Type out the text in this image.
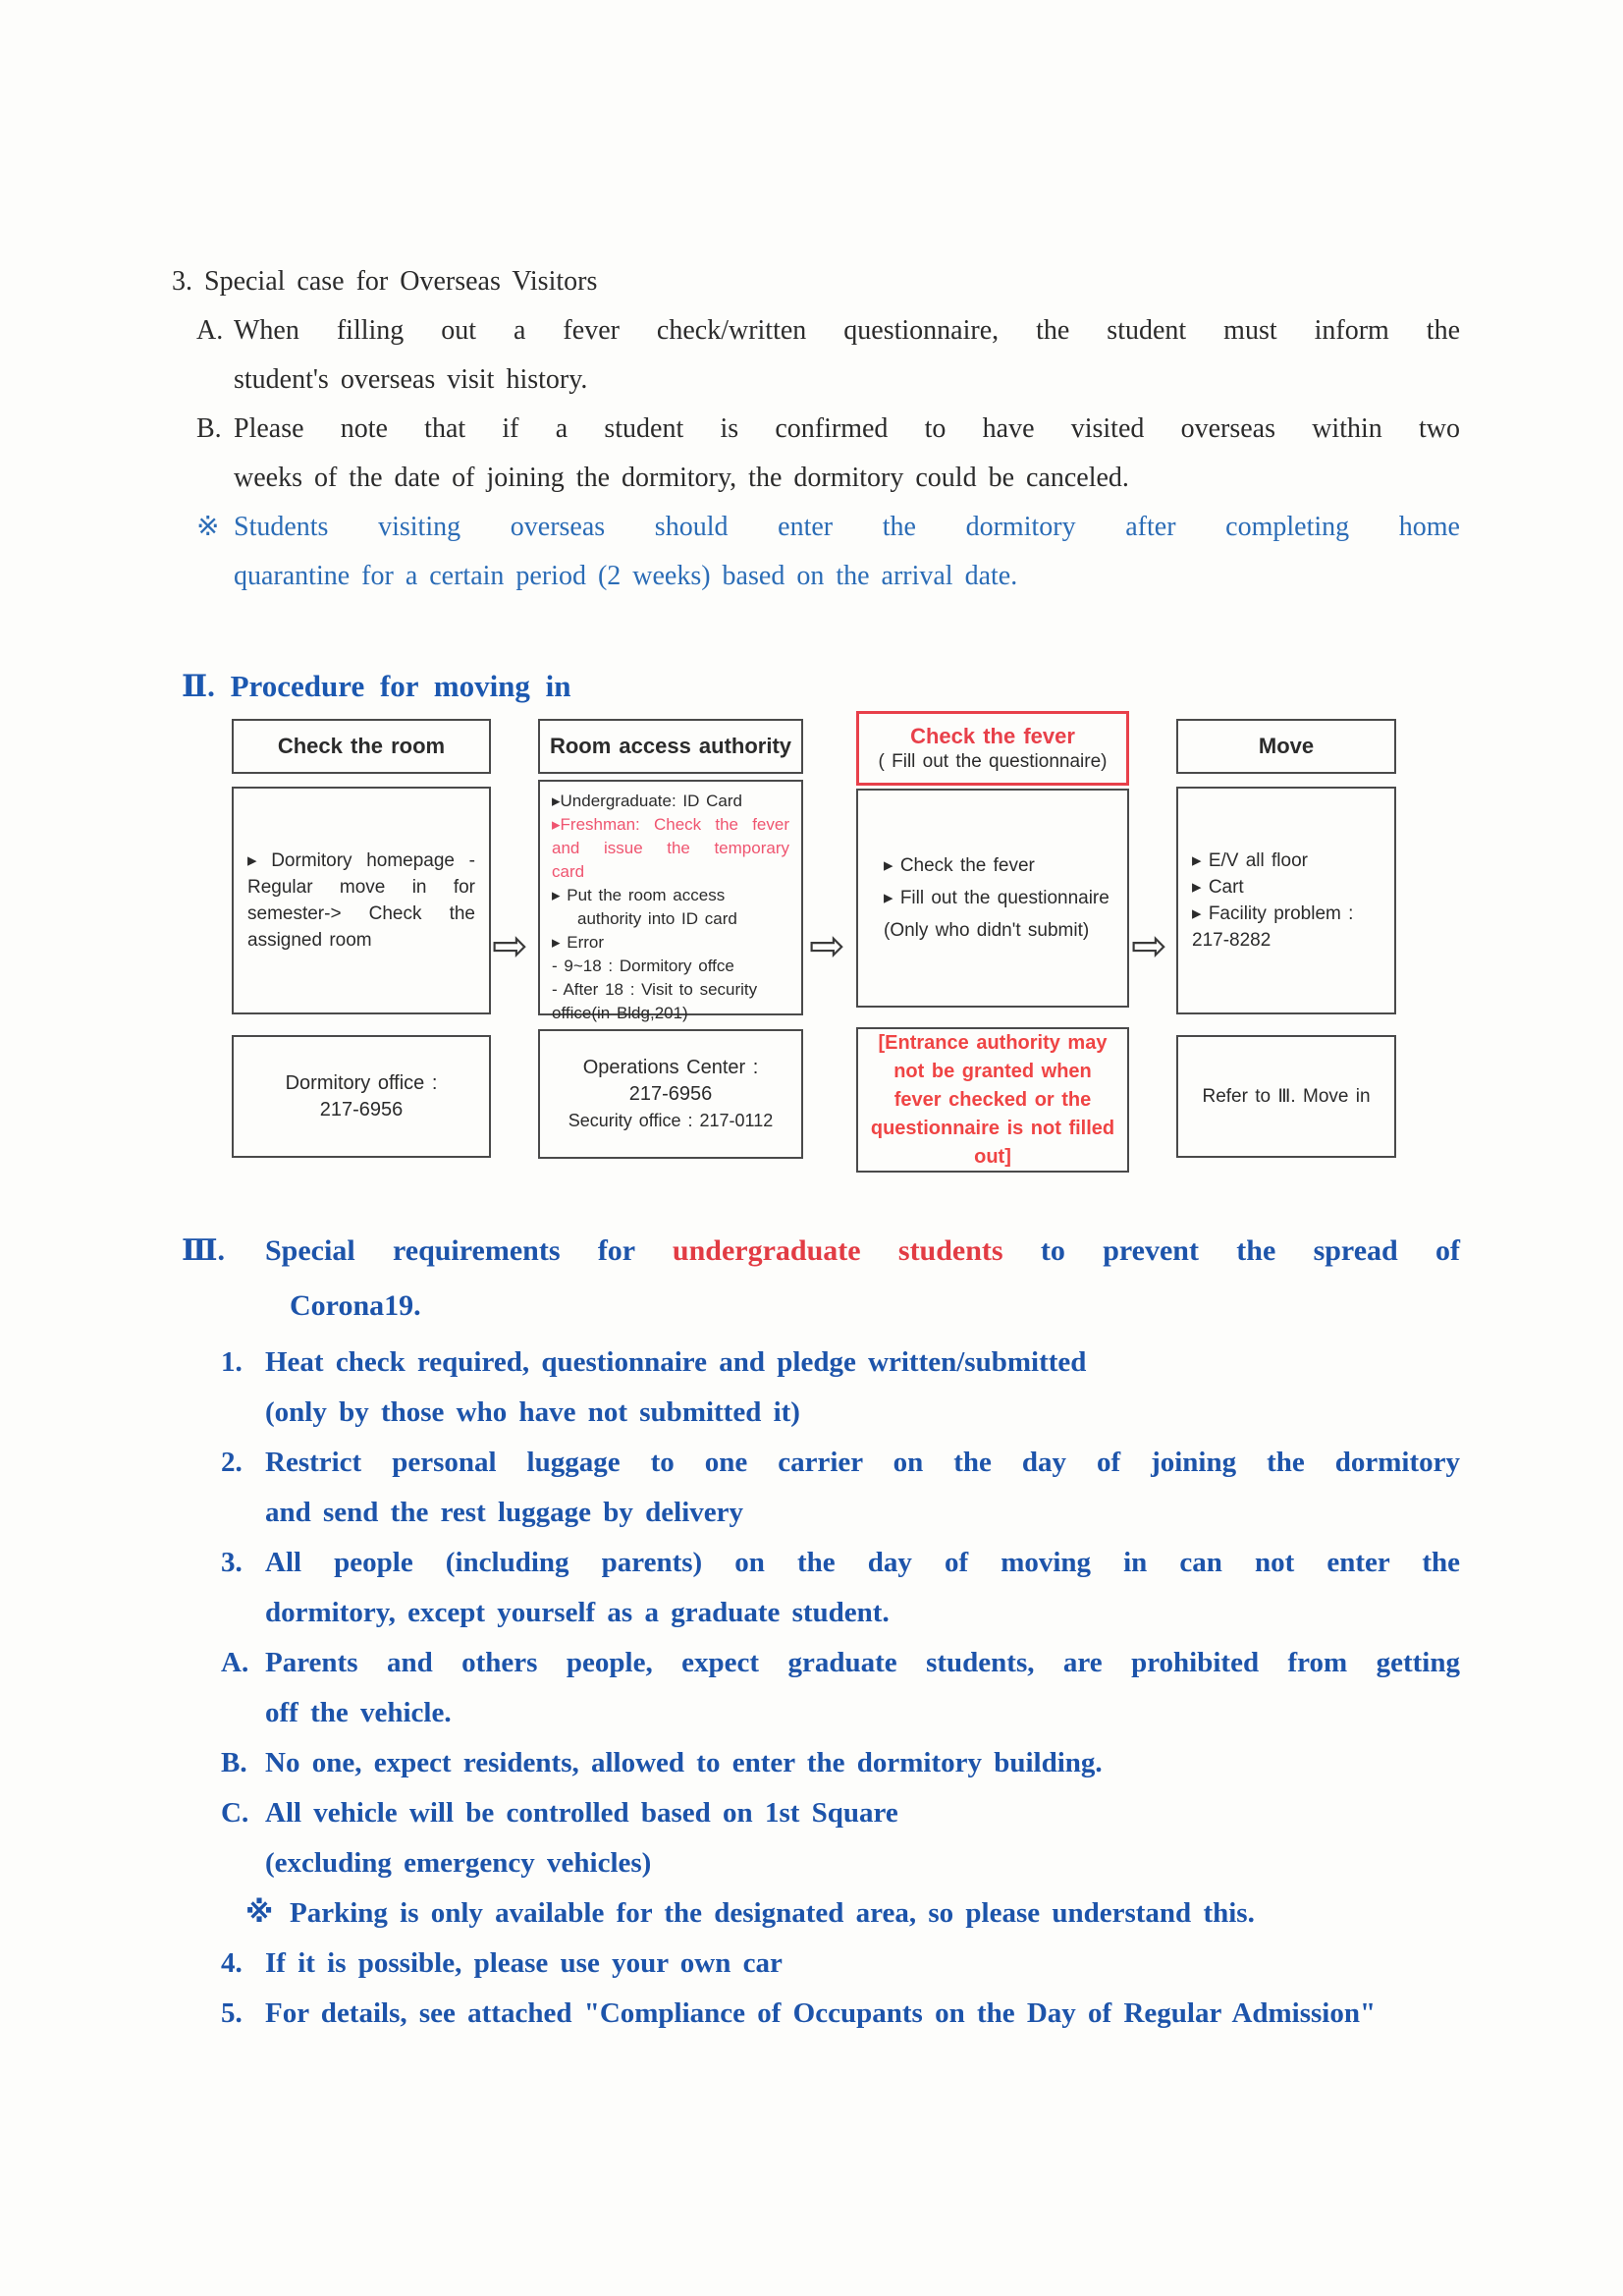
3. Special case for Overseas Visitors
A. When filling out a fever check/written questionnaire, the student must inform the
student's overseas visit history.
B. Please note that if a student is confirmed to have visited overseas within two
weeks of the date of joining the dormitory, the dormitory could be canceled.
※ Students visiting overseas should enter the dormitory after completing home
quarantine for a certain period (2 weeks) based on the arrival date.
Ⅱ. Procedure for moving in
Check the room	Room access authority	Check the fever
( Fill out the questionnaire)
Move
▸ Dormitory homepage - Regular move in for semester-> Check the assigned room
▸Undergraduate: ID Card
▸Freshman: Check the fever
and issue the temporary
card
▸ Put the room access
authority into ID card
▸ Error
- 9~18 : Dormitory offce
- After 18 : Visit to security
office(in Bldg,201)
▸ Check the fever
▸ Fill out the questionnaire
(Only who didn't submit)
▸ E/V all floor
▸ Cart
▸ Facility problem : 217-8282
⇨	⇨	⇨
Dormitory office :
217-6956
Operations Center :
217-6956
Security office : 217-0112
[Entrance authority may not be granted when fever checked or the questionnaire is not filled out]
Refer to Ⅲ. Move in
Ⅲ. Special requirements for undergraduate students to prevent the spread of
Corona19.
1. Heat check required, questionnaire and pledge written/submitted
(only by those who have not submitted it)
2. Restrict personal luggage to one carrier on the day of joining the dormitory
and send the rest luggage by delivery
3. All people (including parents) on the day of moving in can not enter the
dormitory, except yourself as a graduate student.
A. Parents and others people, expect graduate students, are prohibited from getting
off the vehicle.
B. No one, expect residents, allowed to enter the dormitory building.
C. All vehicle will be controlled based on 1st Square
(excluding emergency vehicles)
※ Parking is only available for the designated area, so please understand this.
4. If it is possible, please use your own car
5. For details, see attached "Compliance of Occupants on the Day of Regular Admission"
